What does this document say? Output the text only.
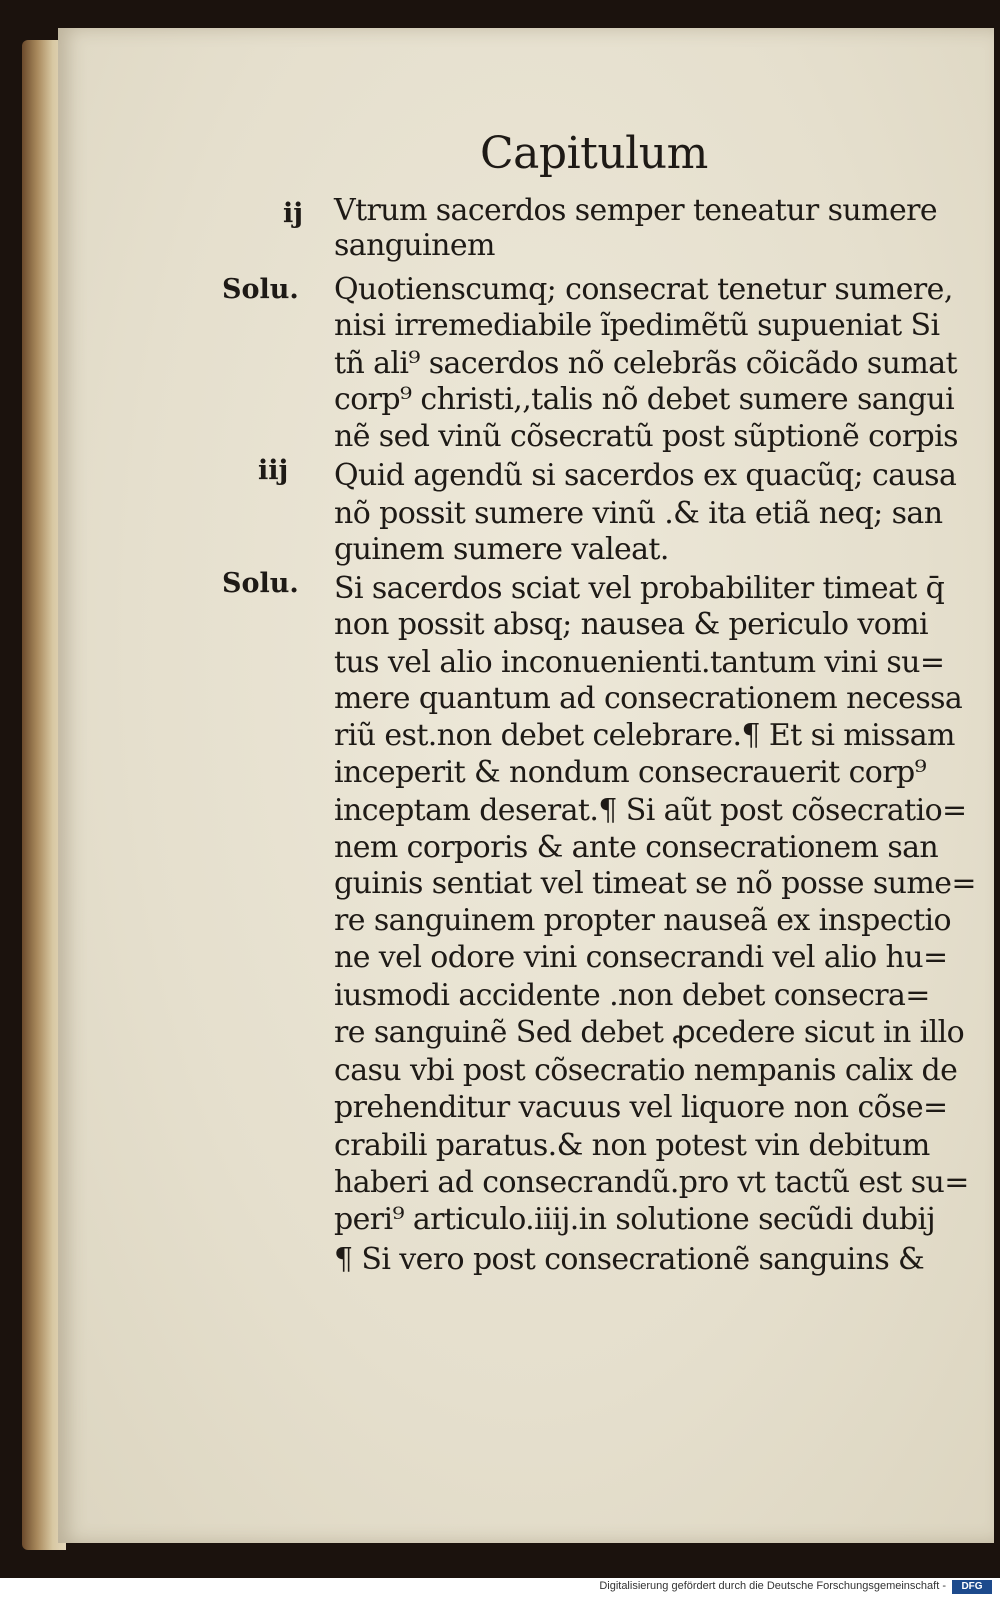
Capitulum
ij
Solu.
iij
Solu.
Vtrum sacerdos semper teneatur sumere
sanguinem
Quotienscumq; consecrat tenetur sumere,
nisi irremediabile ĩpedimẽtũ supueniat Si
tñ ali⁹ sacerdos nõ celebrãs cõicãdo sumat
corp⁹ christi,,talis nõ debet sumere sangui
nẽ sed vinũ cõsecratũ post sũptionẽ corpis
Quid agendũ si sacerdos ex quacũq; causa
nõ possit sumere vinũ .& ita etiã neq; san
guinem sumere valeat.
Si sacerdos sciat vel probabiliter timeat q̄
non possit absq; nausea & periculo vomi
tus vel alio inconuenienti.tantum vini su=
mere quantum ad consecrationem necessa
riũ est.non debet celebrare.¶ Et si missam
inceperit & nondum consecrauerit corp⁹
inceptam deserat.¶ Si aũt post cõsecratio=
nem corporis & ante consecrationem san
guinis sentiat vel timeat se nõ posse sume=
re sanguinem propter nauseã ex inspectio
ne vel odore vini consecrandi vel alio hu=
iusmodi accidente .non debet consecra=
re sanguinẽ Sed debet ꝓcedere sicut in illo
casu vbi post cõsecratio nempanis calix de
prehenditur vacuus vel liquore non cõse=
crabili paratus.& non potest vin debitum
haberi ad consecrandũ.pro vt tactũ est su=
peri⁹ articulo.iiij.in solutione secũdi dubij
¶ Si vero post consecrationẽ sanguins &
Digitalisierung gefördert durch die Deutsche Forschungsgemeinschaft -	DFG
